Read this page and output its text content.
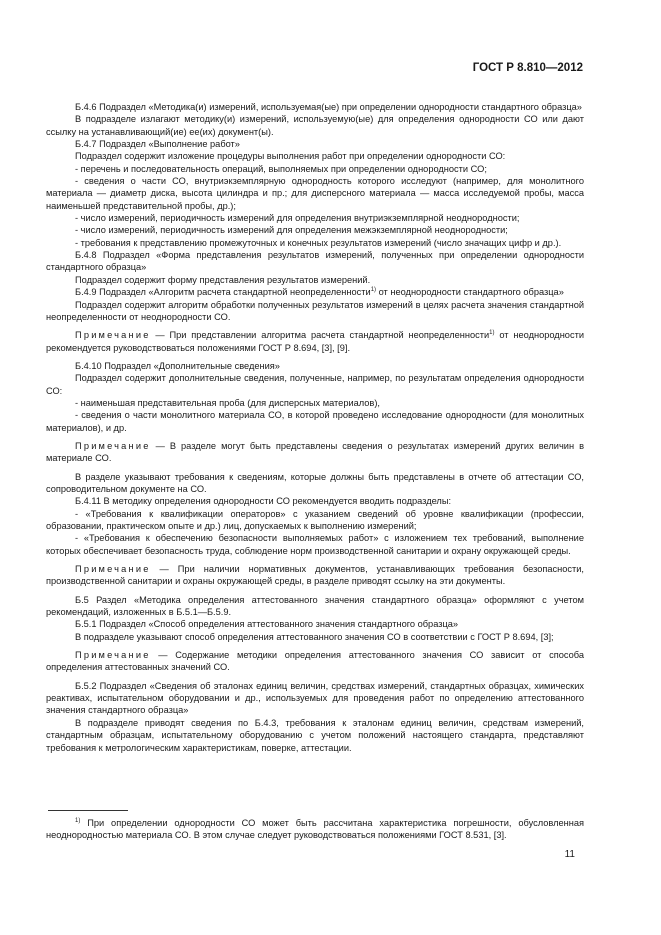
ГОСТ Р 8.810—2012

Б.4.6 Подраздел «Методика(и) измерений, используемая(ые) при определении однородности стандартного образца»

В подразделе излагают методику(и) измерений, используемую(ые) для определения однородности СО или дают ссылку на устанавливающий(ие) ее(их) документ(ы).

Б.4.7 Подраздел «Выполнение работ»

Подраздел содержит изложение процедуры выполнения работ при определении однородности СО:

- перечень и последовательность операций, выполняемых при определении однородности СО;

- сведения о части СО, внутриэкземплярную однородность которого исследуют (например, для монолитного материала — диаметр диска, высота цилиндра и пр.; для дисперсного материала — масса исследуемой пробы, масса наименьшей представительной пробы, др.);

- число измерений, периодичность измерений для определения внутриэкземплярной неоднородности;

- число измерений, периодичность измерений для определения межэкземплярной неоднородности;

- требования к представлению промежуточных и конечных результатов измерений (число значащих цифр и др.).

Б.4.8 Подраздел «Форма представления результатов измерений, полученных при определении однородности стандартного образца»

Подраздел содержит форму представления результатов измерений.

Б.4.9 Подраздел «Алгоритм расчета стандартной неопределенности$^{1)}$ от неоднородности стандартного образца»

Подраздел содержит алгоритм обработки полученных результатов измерений в целях расчета значения стандартной неопределенности от неоднородности СО.

Примечание — При представлении алгоритма расчета стандартной неопределенности$^{1)}$ от неоднородности рекомендуется руководствоваться положениями ГОСТ Р 8.694, [3], [9].

Б.4.10 Подраздел «Дополнительные сведения»

Подраздел содержит дополнительные сведения, полученные, например, по результатам определения однородности СО:

- наименьшая представительная проба (для дисперсных материалов),

- сведения о части монолитного материала СО, в которой проведено исследование однородности (для монолитных материалов), и др.

Примечание — В разделе могут быть представлены сведения о результатах измерений других величин в материале СО.

В разделе указывают требования к сведениям, которые должны быть представлены в отчете об аттестации СО, сопроводительном документе на СО.

Б.4.11 В методику определения однородности СО рекомендуется вводить подразделы:

- «Требования к квалификации операторов» с указанием сведений об уровне квалификации (профессии, образовании, практическом опыте и др.) лиц, допускаемых к выполнению измерений;

- «Требования к обеспечению безопасности выполняемых работ» с изложением тех требований, выполнение которых обеспечивает безопасность труда, соблюдение норм производственной санитарии и охрану окружающей среды.

Примечание — При наличии нормативных документов, устанавливающих требования безопасности, производственной санитарии и охраны окружающей среды, в разделе приводят ссылку на эти документы.

Б.5 Раздел «Методика определения аттестованного значения стандартного образца» оформляют с учетом рекомендаций, изложенных в Б.5.1—Б.5.9.

Б.5.1 Подраздел «Способ определения аттестованного значения стандартного образца»

В подразделе указывают способ определения аттестованного значения СО в соответствии с ГОСТ Р 8.694, [3];

Примечание — Содержание методики определения аттестованного значения СО зависит от способа определения аттестованных значений СО.

Б.5.2 Подраздел «Сведения об эталонах единиц величин, средствах измерений, стандартных образцах, химических реактивах, испытательном оборудовании и др., используемых для проведения работ по определению аттестованного значения стандартного образца»

В подразделе приводят сведения по Б.4.3, требования к эталонам единиц величин, средствам измерений, стандартным образцам, испытательному оборудованию с учетом положений настоящего стандарта, представляют требования к метрологическим характеристикам, поверке, аттестации.

$^{1)}$ При определении однородности СО может быть рассчитана характеристика погрешности, обусловленная неоднородностью материала СО. В этом случае следует руководствоваться положениями ГОСТ 8.531, [3].

11
